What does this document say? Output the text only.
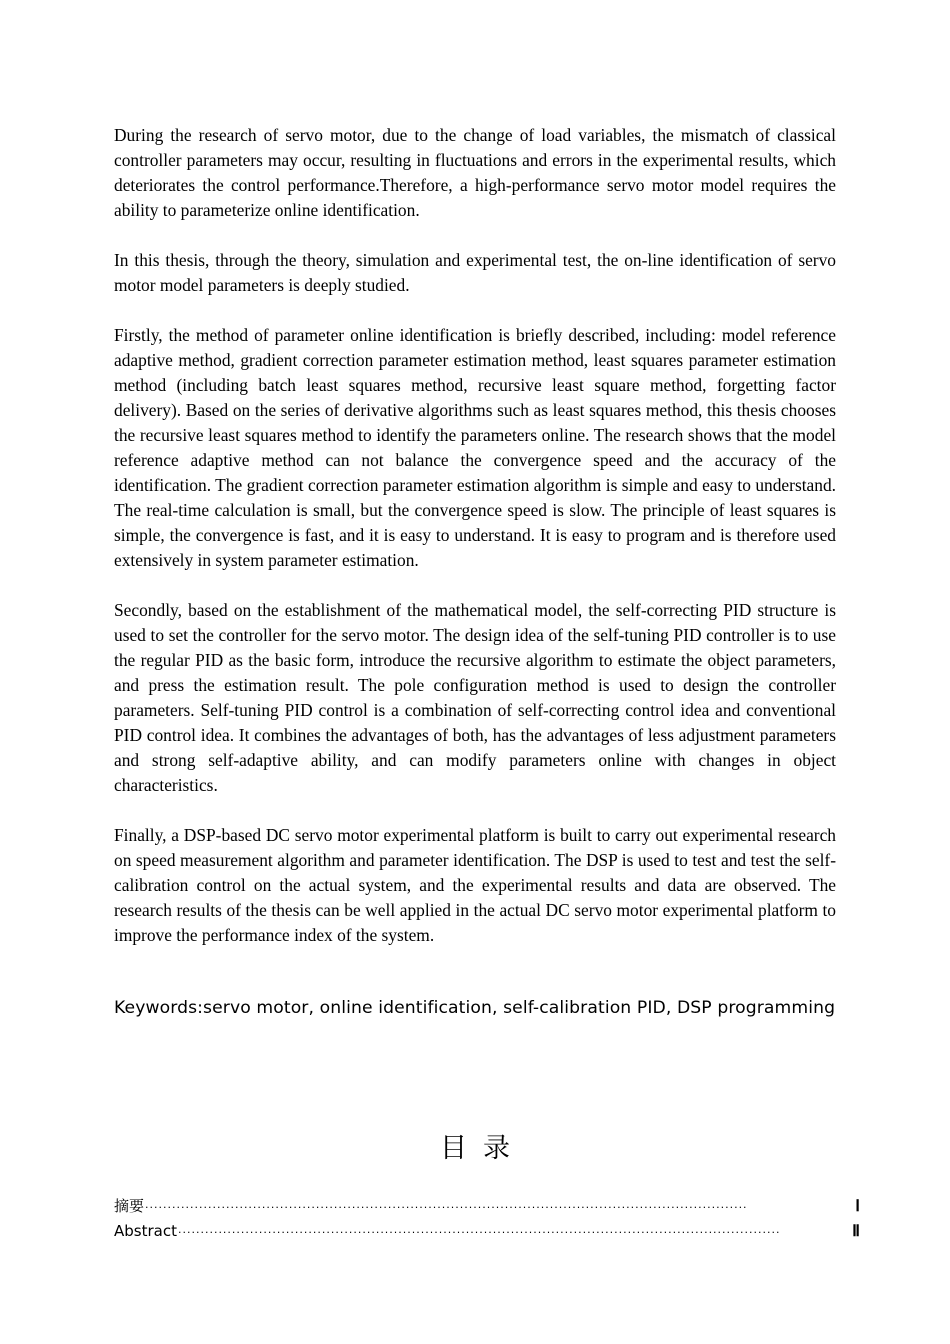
During the research of servo motor, due to the change of load variables, the mismatch of classical controller parameters may occur, resulting in fluctuations and errors in the experimental results, which deteriorates the control performance.Therefore, a high-performance servo motor model requires the ability to parameterize online identification.

In this thesis, through the theory, simulation and experimental test, the on-line identification of servo motor model parameters is deeply studied.

Firstly, the method of parameter online identification is briefly described, including: model reference adaptive method, gradient correction parameter estimation method, least squares parameter estimation method (including batch least squares method, recursive least square method, forgetting factor delivery). Based on the series of derivative algorithms such as least squares method, this thesis chooses the recursive least squares method to identify the parameters online. The research shows that the model reference adaptive method can not balance the convergence speed and the accuracy of the identification. The gradient correction parameter estimation algorithm is simple and easy to understand. The real-time calculation is small, but the convergence speed is slow. The principle of least squares is simple, the convergence is fast, and it is easy to understand. It is easy to program and is therefore used extensively in system parameter estimation.

Secondly, based on the establishment of the mathematical model, the self-correcting PID structure is used to set the controller for the servo motor. The design idea of the self-tuning PID controller is to use the regular PID as the basic form, introduce the recursive algorithm to estimate the object parameters, and press the estimation result. The pole configuration method is used to design the controller parameters. Self-tuning PID control is a combination of self-correcting control idea and conventional PID control idea. It combines the advantages of both, has the advantages of less adjustment parameters and strong self-adaptive ability, and can modify parameters online with changes in object characteristics.

Finally, a DSP-based DC servo motor experimental platform is built to carry out experimental research on speed measurement algorithm and parameter identification. The DSP is used to test and test the self-calibration control on the actual system, and the experimental results and data are observed. The research results of the thesis can be well applied in the actual DC servo motor experimental platform to improve the performance index of the system.

Keywords:servo motor, online identification, self-calibration PID, DSP programming

目录
摘要 ······································································································································	Ⅰ
Abstract ······································································································································	Ⅱ
